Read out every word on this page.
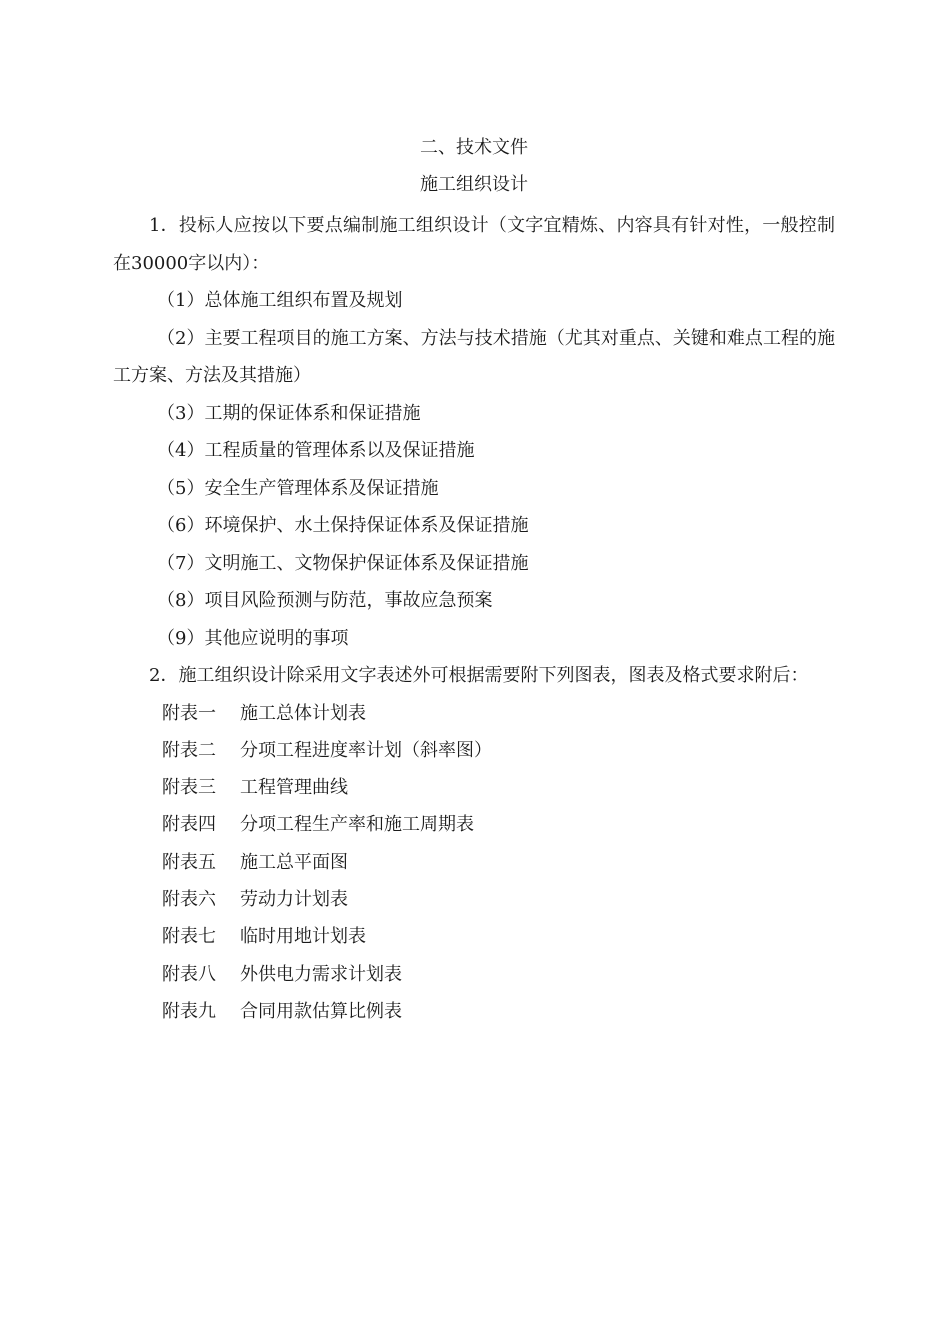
二、技术文件
施工组织设计

1．投标人应按以下要点编制施工组织设计（文字宜精炼、内容具有针对性，一般控制在30000字以内）：

（1）总体施工组织布置及规划

（2）主要工程项目的施工方案、方法与技术措施（尤其对重点、关键和难点工程的施工方案、方法及其措施）

（3）工期的保证体系和保证措施

（4）工程质量的管理体系以及保证措施

（5）安全生产管理体系及保证措施

（6）环境保护、水土保持保证体系及保证措施

（7）文明施工、文物保护保证体系及保证措施

（8）项目风险预测与防范，事故应急预案

（9）其他应说明的事项

2．施工组织设计除采用文字表述外可根据需要附下列图表，图表及格式要求附后：

附表一 施工总体计划表

附表二 分项工程进度率计划（斜率图）

附表三 工程管理曲线

附表四 分项工程生产率和施工周期表

附表五 施工总平面图

附表六 劳动力计划表

附表七 临时用地计划表

附表八 外供电力需求计划表

附表九 合同用款估算比例表
